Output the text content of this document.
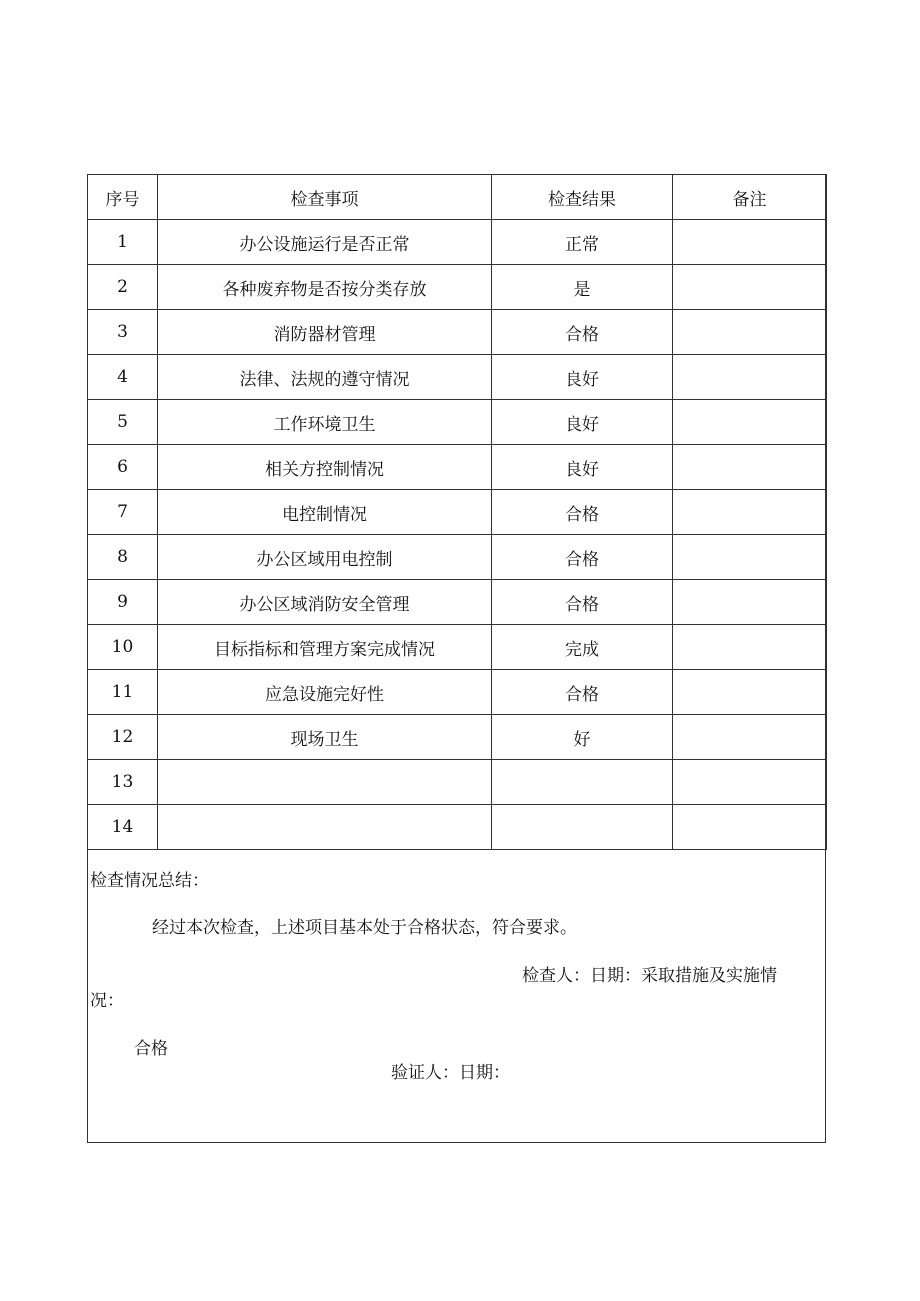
序号	检查事项	检查结果	备注
1	办公设施运行是否正常	正常	
2	各种废弃物是否按分类存放	是	
3	消防器材管理	合格	
4	法律、法规的遵守情况	良好	
5	工作环境卫生	良好	
6	相关方控制情况	良好	
7	电控制情况	合格	
8	办公区域用电控制	合格	
9	办公区域消防安全管理	合格	
10	目标指标和管理方案完成情况	完成	
11	应急设施完好性	合格	
12	现场卫生	好	
13			
14			
检查情况总结：
经过本次检查，上述项目基本处于合格状态，符合要求。
检查人：日期：采取措施及实施情
况：
合格
验证人：日期：
